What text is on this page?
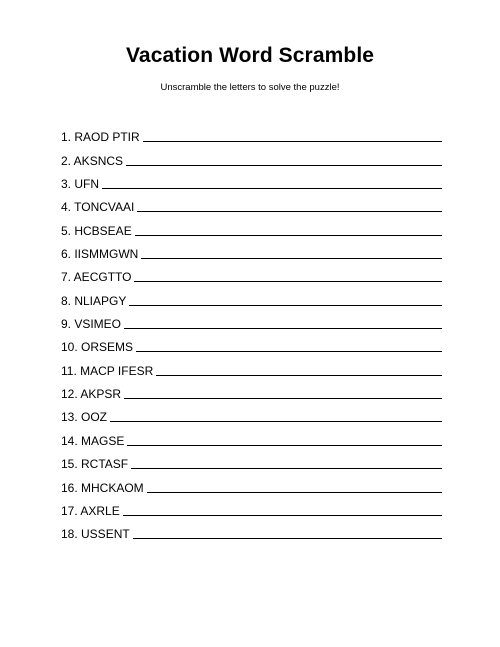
Vacation Word Scramble
Unscramble the letters to solve the puzzle!
1. RAOD PTIR
2. AKSNCS
3. UFN
4. TONCVAAI
5. HCBSEAE
6. IISMMGWN
7. AECGTTO
8. NLIAPGY
9. VSIMEO
10. ORSEMS
11. MACP IFESR
12. AKPSR
13. OOZ
14. MAGSE
15. RCTASF
16. MHCKAOM
17. AXRLE
18. USSENT
